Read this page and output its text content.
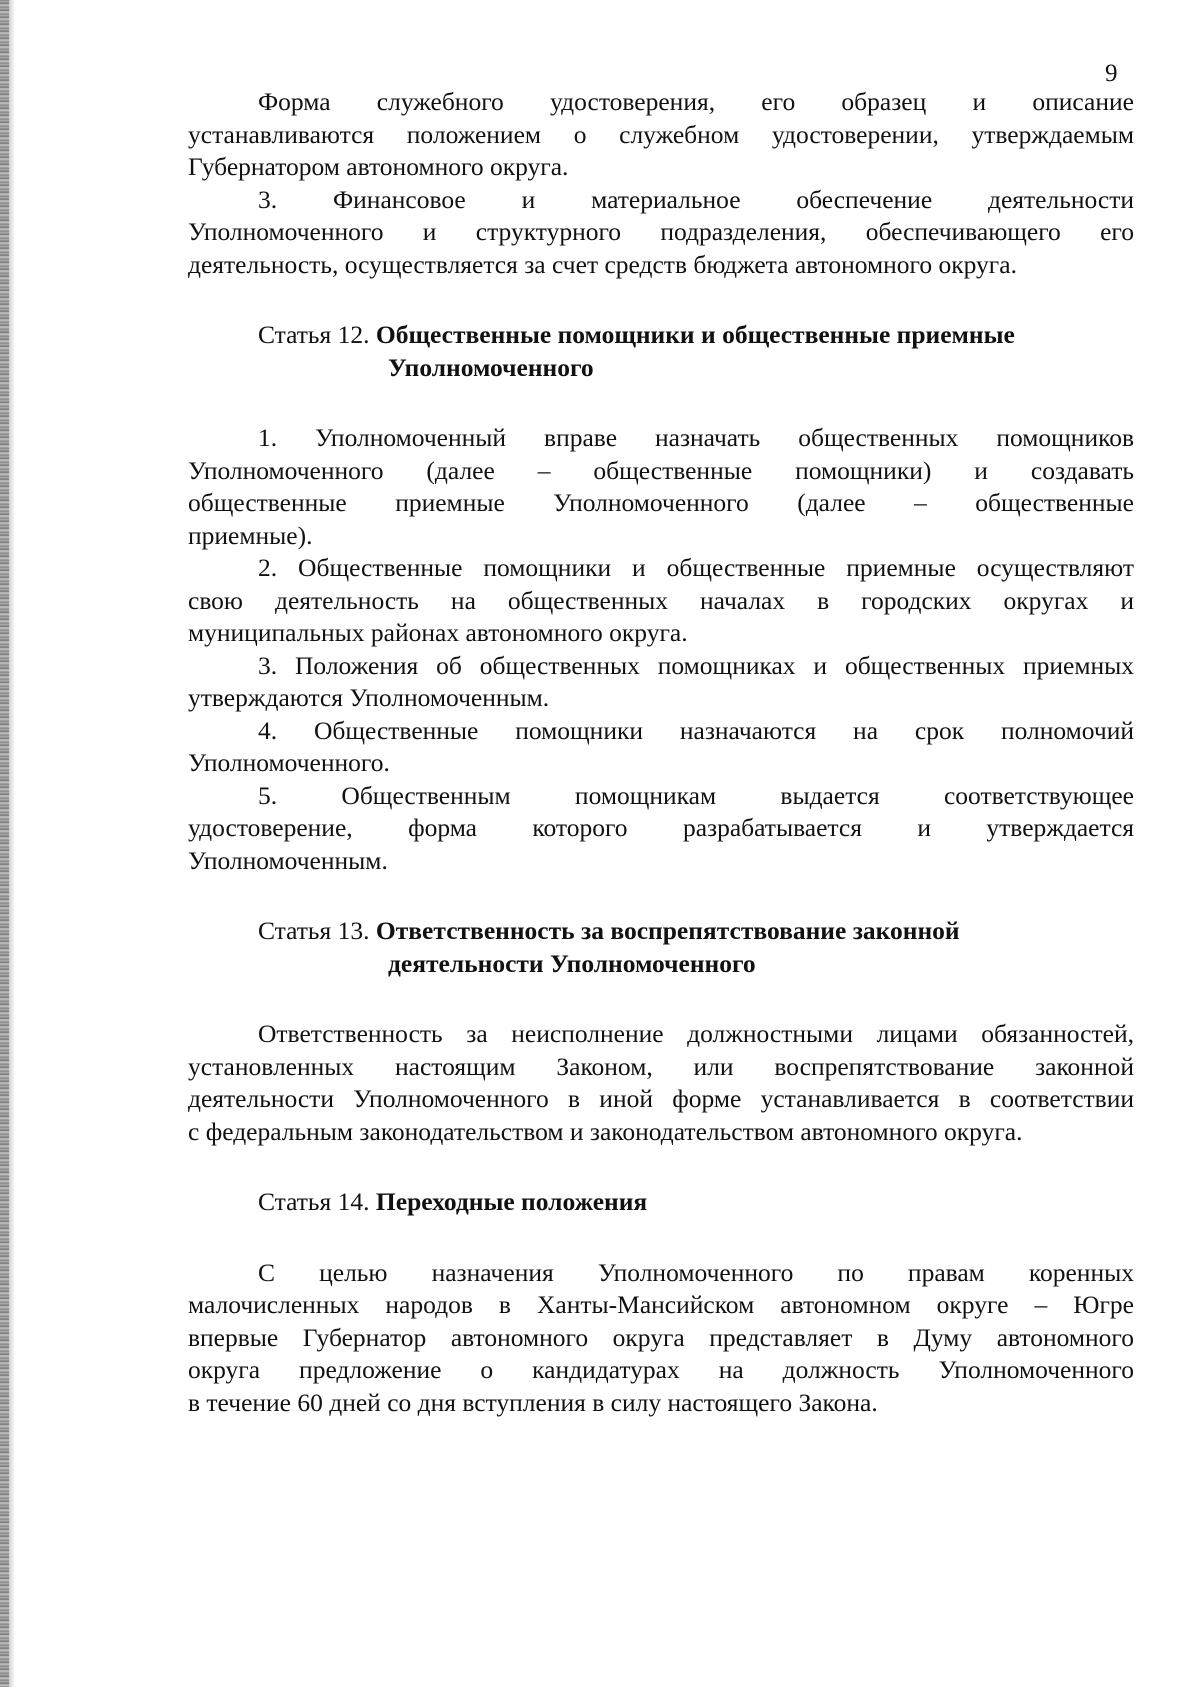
9

Форма служебного удостоверения, его образец и описание

устанавливаются положением о служебном удостоверении, утверждаемым

Губернатором автономного округа.

3. Финансовое и материальное обеспечение деятельности

Уполномоченного и структурного подразделения, обеспечивающего его

деятельность, осуществляется за счет средств бюджета автономного округа.

Статья 12. Общественные помощники и общественные приемные
Уполномоченного

1. Уполномоченный вправе назначать общественных помощников

Уполномоченного (далее – общественные помощники) и создавать

общественные приемные Уполномоченного (далее – общественные

приемные).

2. Общественные помощники и общественные приемные осуществляют

свою деятельность на общественных началах в городских округах и

муниципальных районах автономного округа.

3. Положения об общественных помощниках и общественных приемных

утверждаются Уполномоченным.

4. Общественные помощники назначаются на срок полномочий

Уполномоченного.

5. Общественным помощникам выдается соответствующее

удостоверение, форма которого разрабатывается и утверждается

Уполномоченным.

Статья 13. Ответственность за воспрепятствование законной
деятельности Уполномоченного

Ответственность за неисполнение должностными лицами обязанностей,

установленных настоящим Законом, или воспрепятствование законной

деятельности Уполномоченного в иной форме устанавливается в соответствии

с федеральным законодательством и законодательством автономного округа.

Статья 14. Переходные положения

С целью назначения Уполномоченного по правам коренных

малочисленных народов в Ханты-Мансийском автономном округе – Югре

впервые Губернатор автономного округа представляет в Думу автономного

округа предложение о кандидатурах на должность Уполномоченного

в течение 60 дней со дня вступления в силу настоящего Закона.
